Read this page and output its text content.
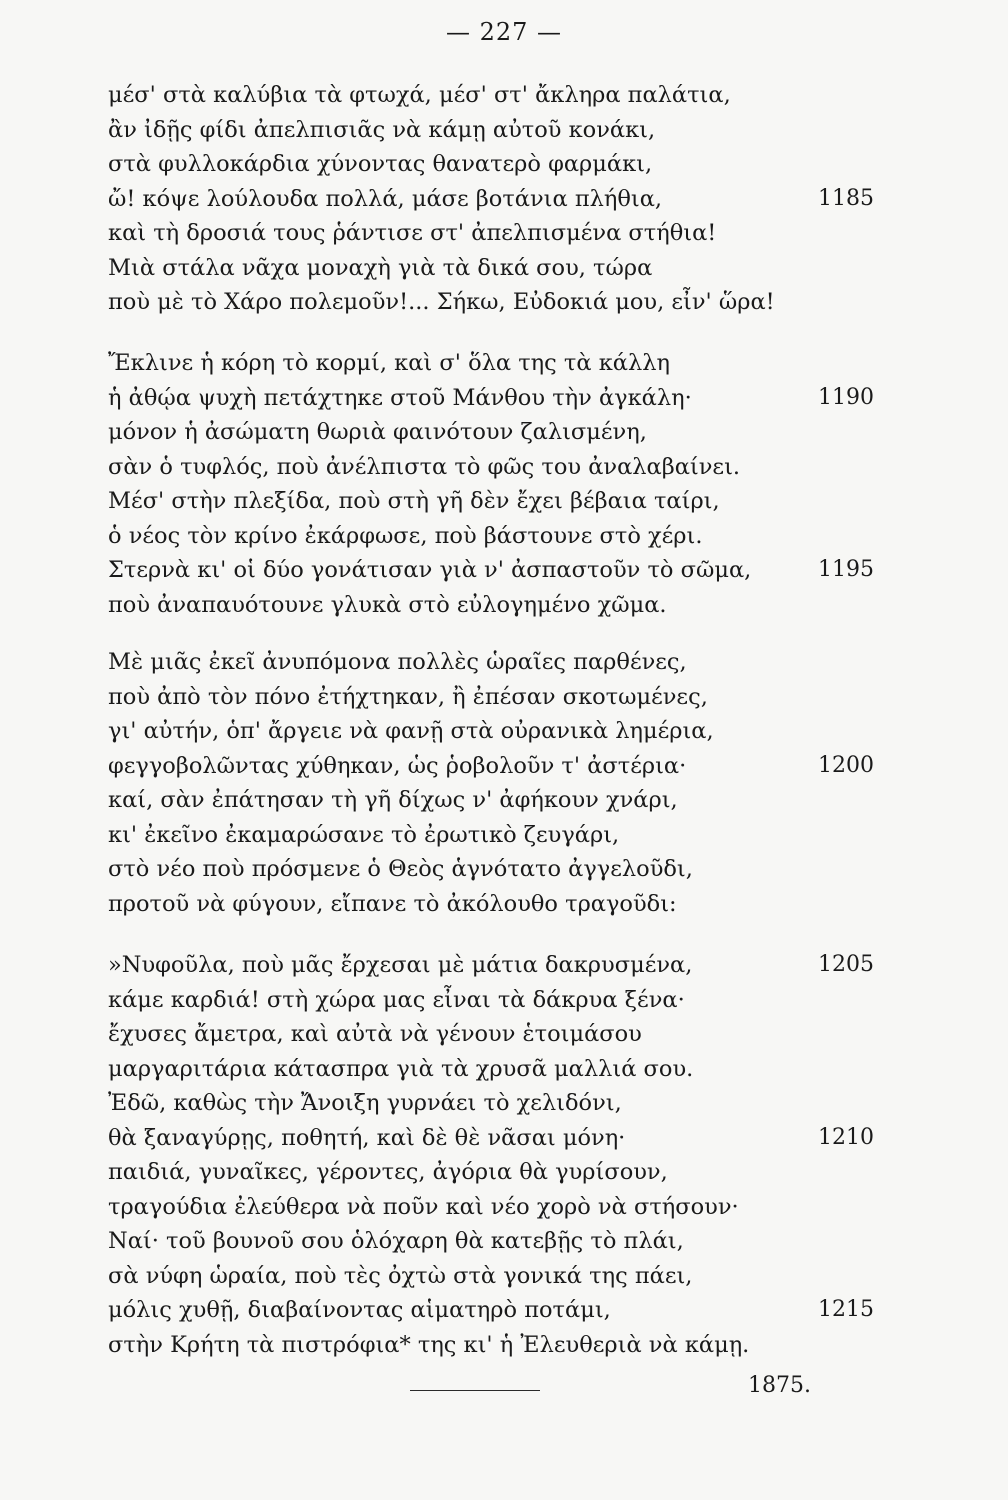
— 227 —
μέσ' στὰ καλύβια τὰ φτωχά, μέσ' στ' ἄκληρα παλάτια,
ἂν ἰδῇς φίδι ἀπελπισιᾶς νὰ κάμῃ αὐτοῦ κονάκι,
στὰ φυλλοκάρδια χύνοντας θανατερὸ φαρμάκι,
ὤ! κόψε λούλουδα πολλά, μάσε βοτάνια πλήθια,	1185
καὶ τὴ δροσιά τους ῥάντισε στ' ἀπελπισμένα στήθια!
Μιὰ στάλα νᾶχα μοναχὴ γιὰ τὰ δικά σου, τώρα
ποὺ μὲ τὸ Χάρο πολεμοῦν!... Σήκω, Εὐδοκιά μου, εἶν' ὥρα!
Ἔκλινε ἡ κόρη τὸ κορμί, καὶ σ' ὅλα της τὰ κάλλη
ἡ ἀθῴα ψυχὴ πετάχτηκε στοῦ Μάνθου τὴν ἀγκάλη·	1190
μόνον ἡ ἀσώματη θωριὰ φαινότουν ζαλισμένη,
σὰν ὁ τυφλός, ποὺ ἀνέλπιστα τὸ φῶς του ἀναλαβαίνει.
Μέσ' στὴν πλεξίδα, ποὺ στὴ γῆ δὲν ἔχει βέβαια ταίρι,
ὁ νέος τὸν κρίνο ἐκάρφωσε, ποὺ βάστουνε στὸ χέρι.
Στερνὰ κι' οἱ δύο γονάτισαν γιὰ ν' ἀσπαστοῦν τὸ σῶμα,	1195
ποὺ ἀναπαυότουνε γλυκὰ στὸ εὐλογημένο χῶμα.
Μὲ μιᾶς ἐκεῖ ἀνυπόμονα πολλὲς ὡραῖες παρθένες,
ποὺ ἀπὸ τὸν πόνο ἐτήχτηκαν, ἢ ἐπέσαν σκοτωμένες,
γι' αὐτήν, ὁπ' ἄργειε νὰ φανῇ στὰ οὐρανικὰ λημέρια,
φεγγοβολῶντας χύθηκαν, ὡς ῥοβολοῦν τ' ἀστέρια·	1200
καί, σὰν ἐπάτησαν τὴ γῆ δίχως ν' ἀφήκουν χνάρι,
κι' ἐκεῖνο ἐκαμαρώσανε τὸ ἐρωτικὸ ζευγάρι,
στὸ νέο ποὺ πρόσμενε ὁ Θεὸς ἁγνότατο ἀγγελοῦδι,
προτοῦ νὰ φύγουν, εἴπανε τὸ ἀκόλουθο τραγοῦδι:
»Νυφοῦλα, ποὺ μᾶς ἔρχεσαι μὲ μάτια δακρυσμένα,	1205
κάμε καρδιά! στὴ χώρα μας εἶναι τὰ δάκρυα ξένα·
ἔχυσες ἄμετρα, καὶ αὐτὰ νὰ γένουν ἑτοιμάσου
μαργαριτάρια κάτασπρα γιὰ τὰ χρυσᾶ μαλλιά σου.
Ἐδῶ, καθὼς τὴν Ἄνοιξη γυρνάει τὸ χελιδόνι,
θὰ ξαναγύρῃς, ποθητή, καὶ δὲ θὲ νᾶσαι μόνη·	1210
παιδιά, γυναῖκες, γέροντες, ἀγόρια θὰ γυρίσουν,
τραγούδια ἐλεύθερα νὰ ποῦν καὶ νέο χορὸ νὰ στήσουν·
Ναί· τοῦ βουνοῦ σου ὁλόχαρη θὰ κατεβῇς τὸ πλάι,
σὰ νύφη ὡραία, ποὺ τὲς ὀχτὼ στὰ γονικά της πάει,
μόλις χυθῇ, διαβαίνοντας αἱματηρὸ ποτάμι,	1215
στὴν Κρήτη τὰ πιστρόφια* της κι' ἡ Ἐλευθεριὰ νὰ κάμῃ.
1875.
